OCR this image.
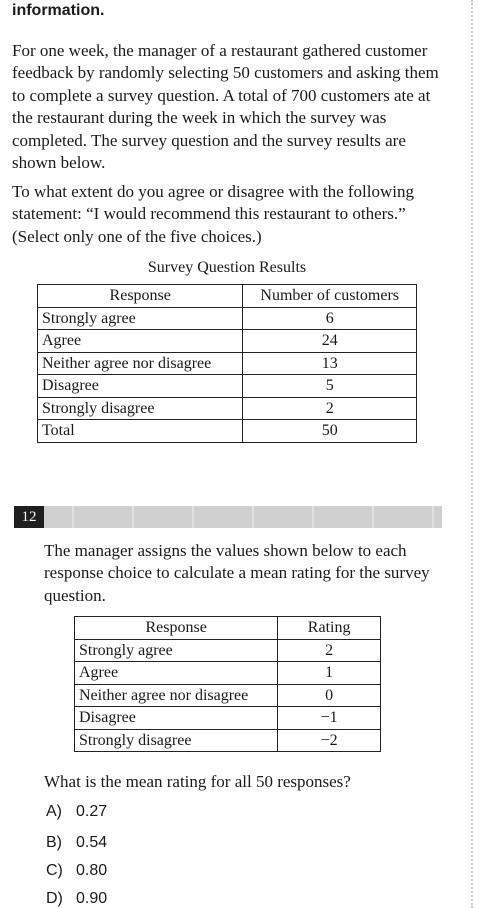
information.
For one week, the manager of a restaurant gathered customer feedback by randomly selecting 50 customers and asking them to complete a survey question. A total of 700 customers ate at the restaurant during the week in which the survey was completed. The survey question and the survey results are shown below.
To what extent do you agree or disagree with the following statement: “I would recommend this restaurant to others.” (Select only one of the five choices.)
Survey Question Results
Response	Number of customers
Strongly agree	6
Agree	24
Neither agree nor disagree	13
Disagree	5
Strongly disagree	2
Total	50
12
The manager assigns the values shown below to each response choice to calculate a mean rating for the survey question.
Response	Rating
Strongly agree	2
Agree	1
Neither agree nor disagree	0
Disagree	−1
Strongly disagree	−2
What is the mean rating for all 50 responses?
A) 0.27
B) 0.54
C) 0.80
D) 0.90
